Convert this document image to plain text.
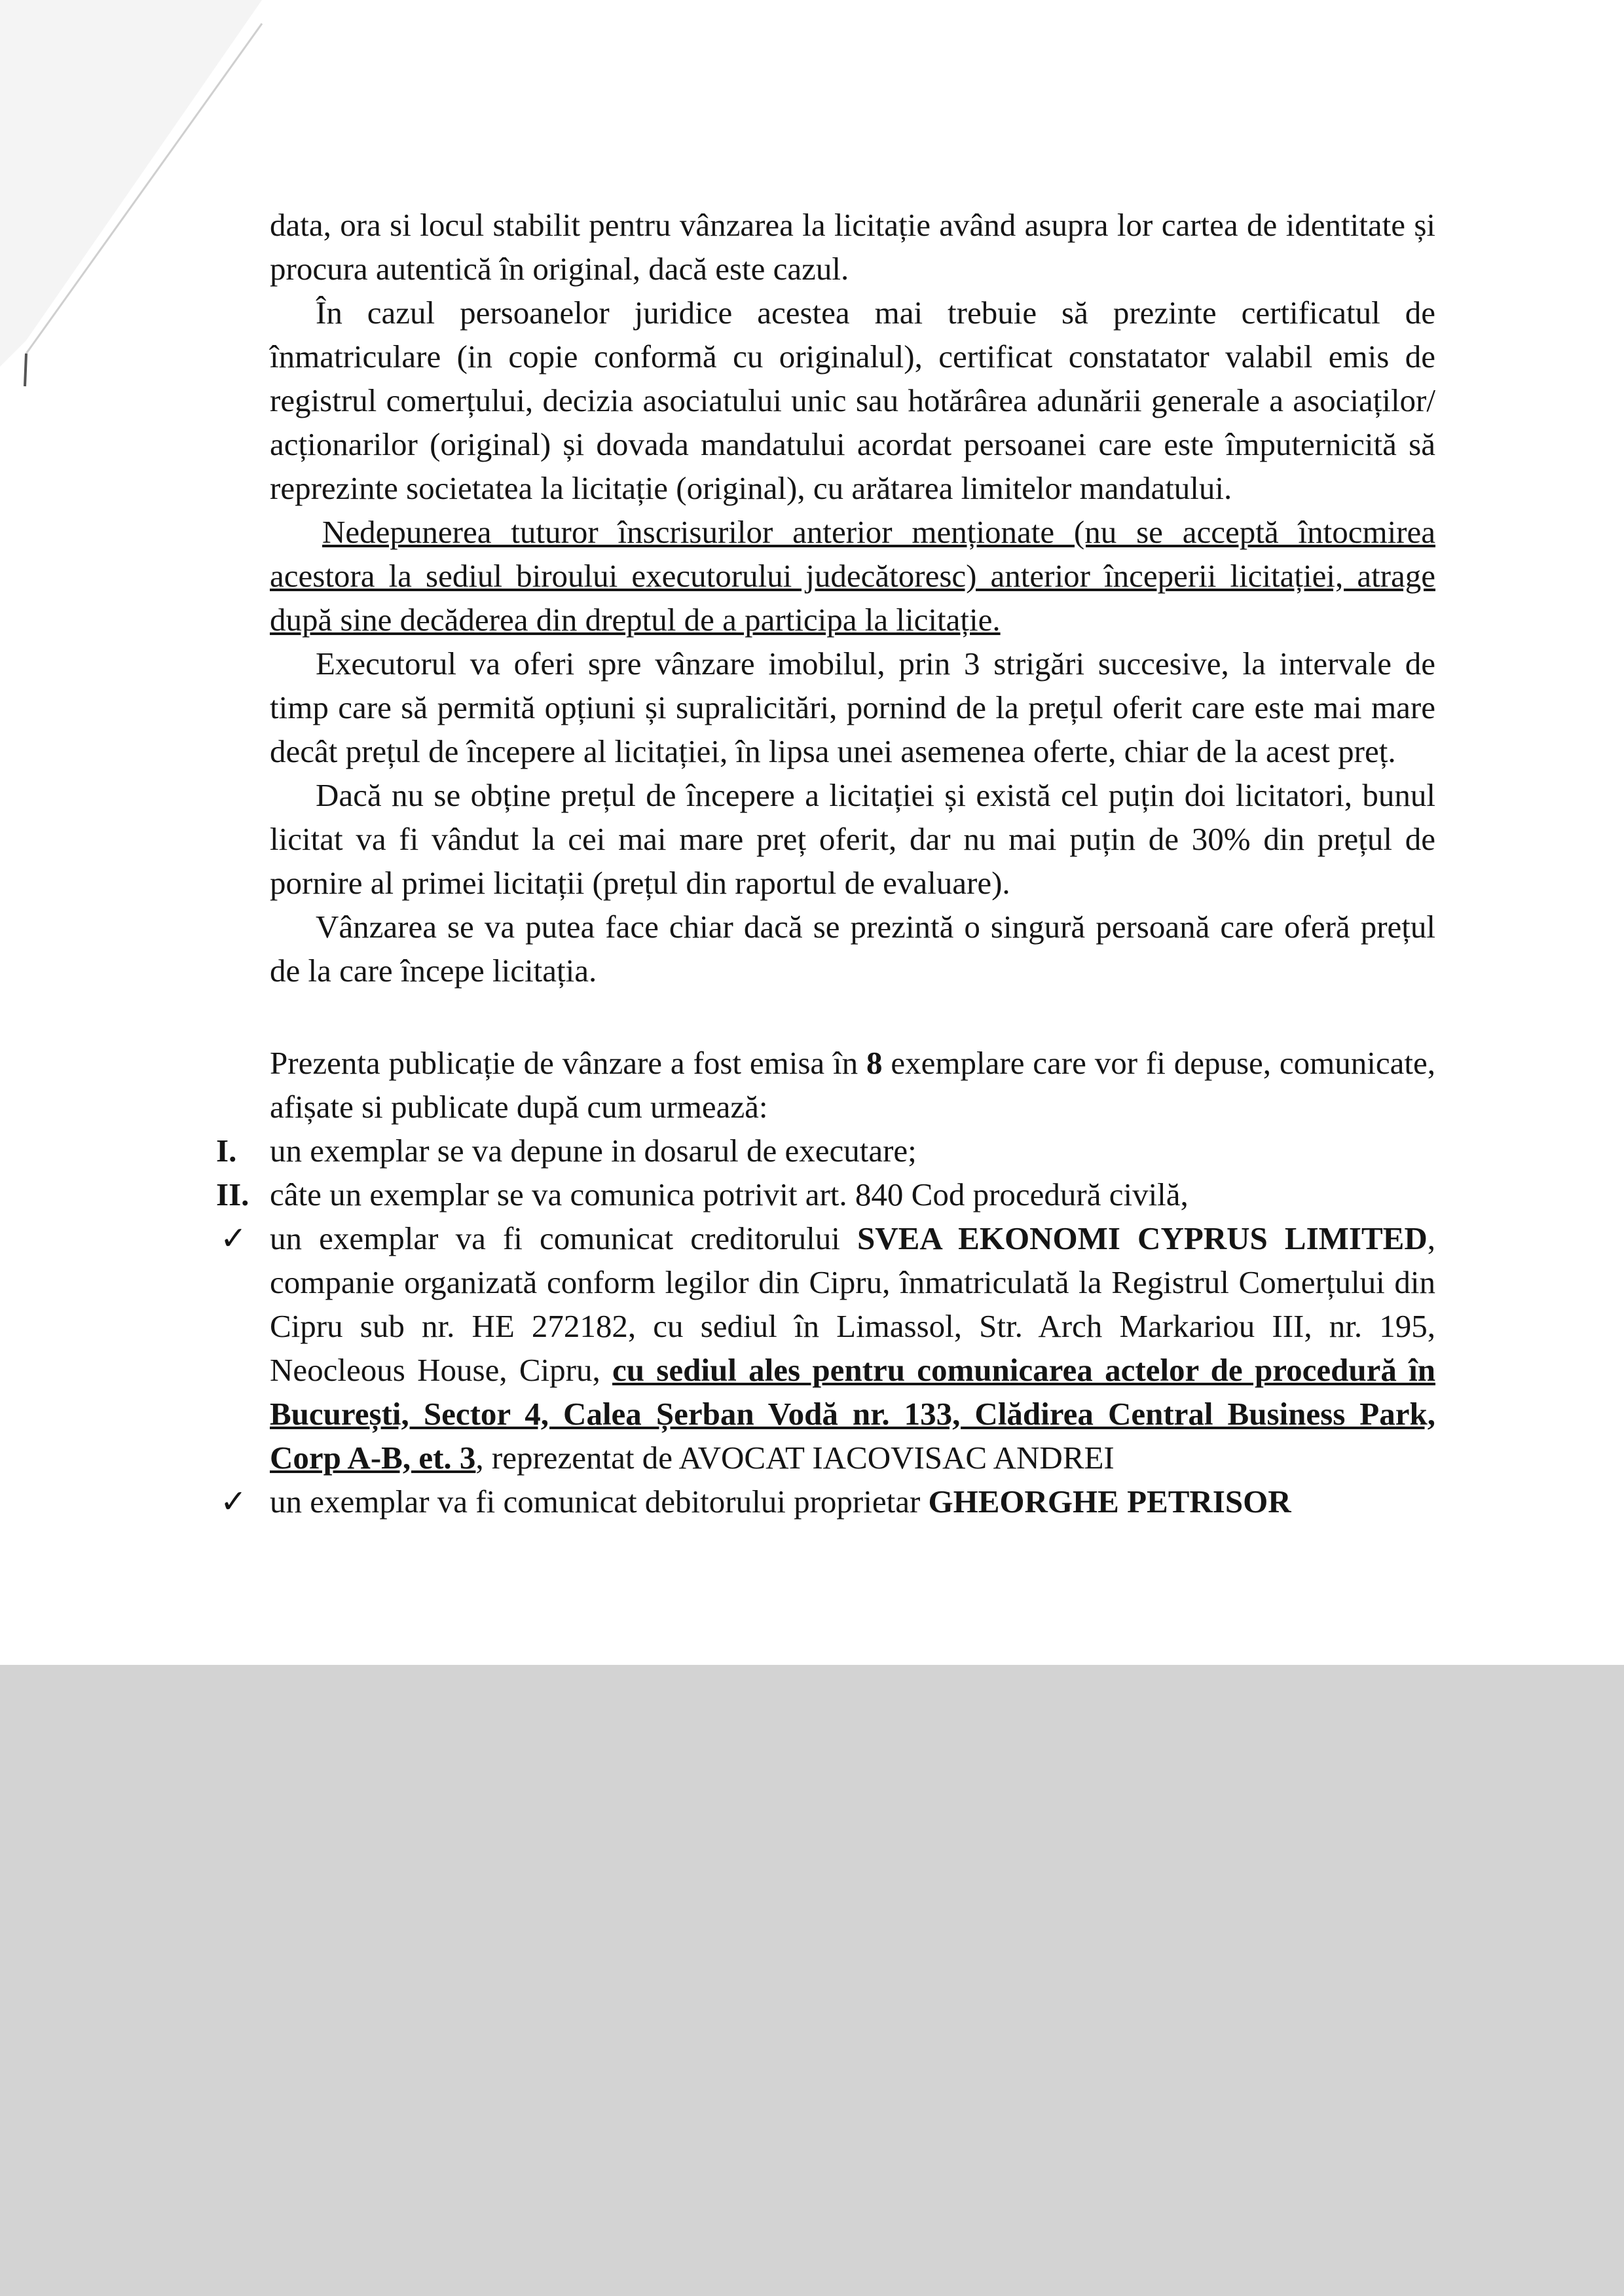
data, ora si locul stabilit pentru vânzarea la licitație având asupra lor cartea de identitate și procura autentică în original, dacă este cazul.

În cazul persoanelor juridice acestea mai trebuie să prezinte certificatul de înmatriculare (in copie conformă cu originalul), certificat constatator valabil emis de registrul comerțului, decizia asociatului unic sau hotărârea adunării generale a asociaților/ acționarilor (original) și dovada mandatului acordat persoanei care este împuternicită să reprezinte societatea la licitație (original), cu arătarea limitelor mandatului.

Nedepunerea tuturor înscrisurilor anterior menționate (nu se acceptă întocmirea acestora la sediul biroului executorului judecătoresc) anterior începerii licitației, atrage după sine decăderea din dreptul de a participa la licitație.

Executorul va oferi spre vânzare imobilul, prin 3 strigări succesive, la intervale de timp care să permită opțiuni și supralicitări, pornind de la prețul oferit care este mai mare decât prețul de începere al licitației, în lipsa unei asemenea oferte, chiar de la acest preț.

Dacă nu se obține prețul de începere a licitației și există cel puțin doi licitatori, bunul licitat va fi vândut la cei mai mare preț oferit, dar nu mai puțin de 30% din prețul de pornire al primei licitații (prețul din raportul de evaluare).

Vânzarea se va putea face chiar dacă se prezintă o singură persoană care oferă prețul de la care începe licitația.

Prezenta publicație de vânzare a fost emisa în 8 exemplare care vor fi depuse, comunicate, afișate si publicate după cum urmează:

I. un exemplar se va depune in dosarul de executare;

II. câte un exemplar se va comunica potrivit art. 840 Cod procedură civilă,

✓ un exemplar va fi comunicat creditorului SVEA EKONOMI CYPRUS LIMITED, companie organizată conform legilor din Cipru, înmatriculată la Registrul Comerțului din Cipru sub nr. HE 272182, cu sediul în Limassol, Str. Arch Markariou III, nr. 195, Neocleous House, Cipru, cu sediul ales pentru comunicarea actelor de procedură în București, Sector 4, Calea Șerban Vodă nr. 133, Clădirea Central Business Park, Corp A-B, et. 3, reprezentat de AVOCAT IACOVISAC ANDREI

✓ un exemplar va fi comunicat debitorului proprietar GHEORGHE PETRISOR
